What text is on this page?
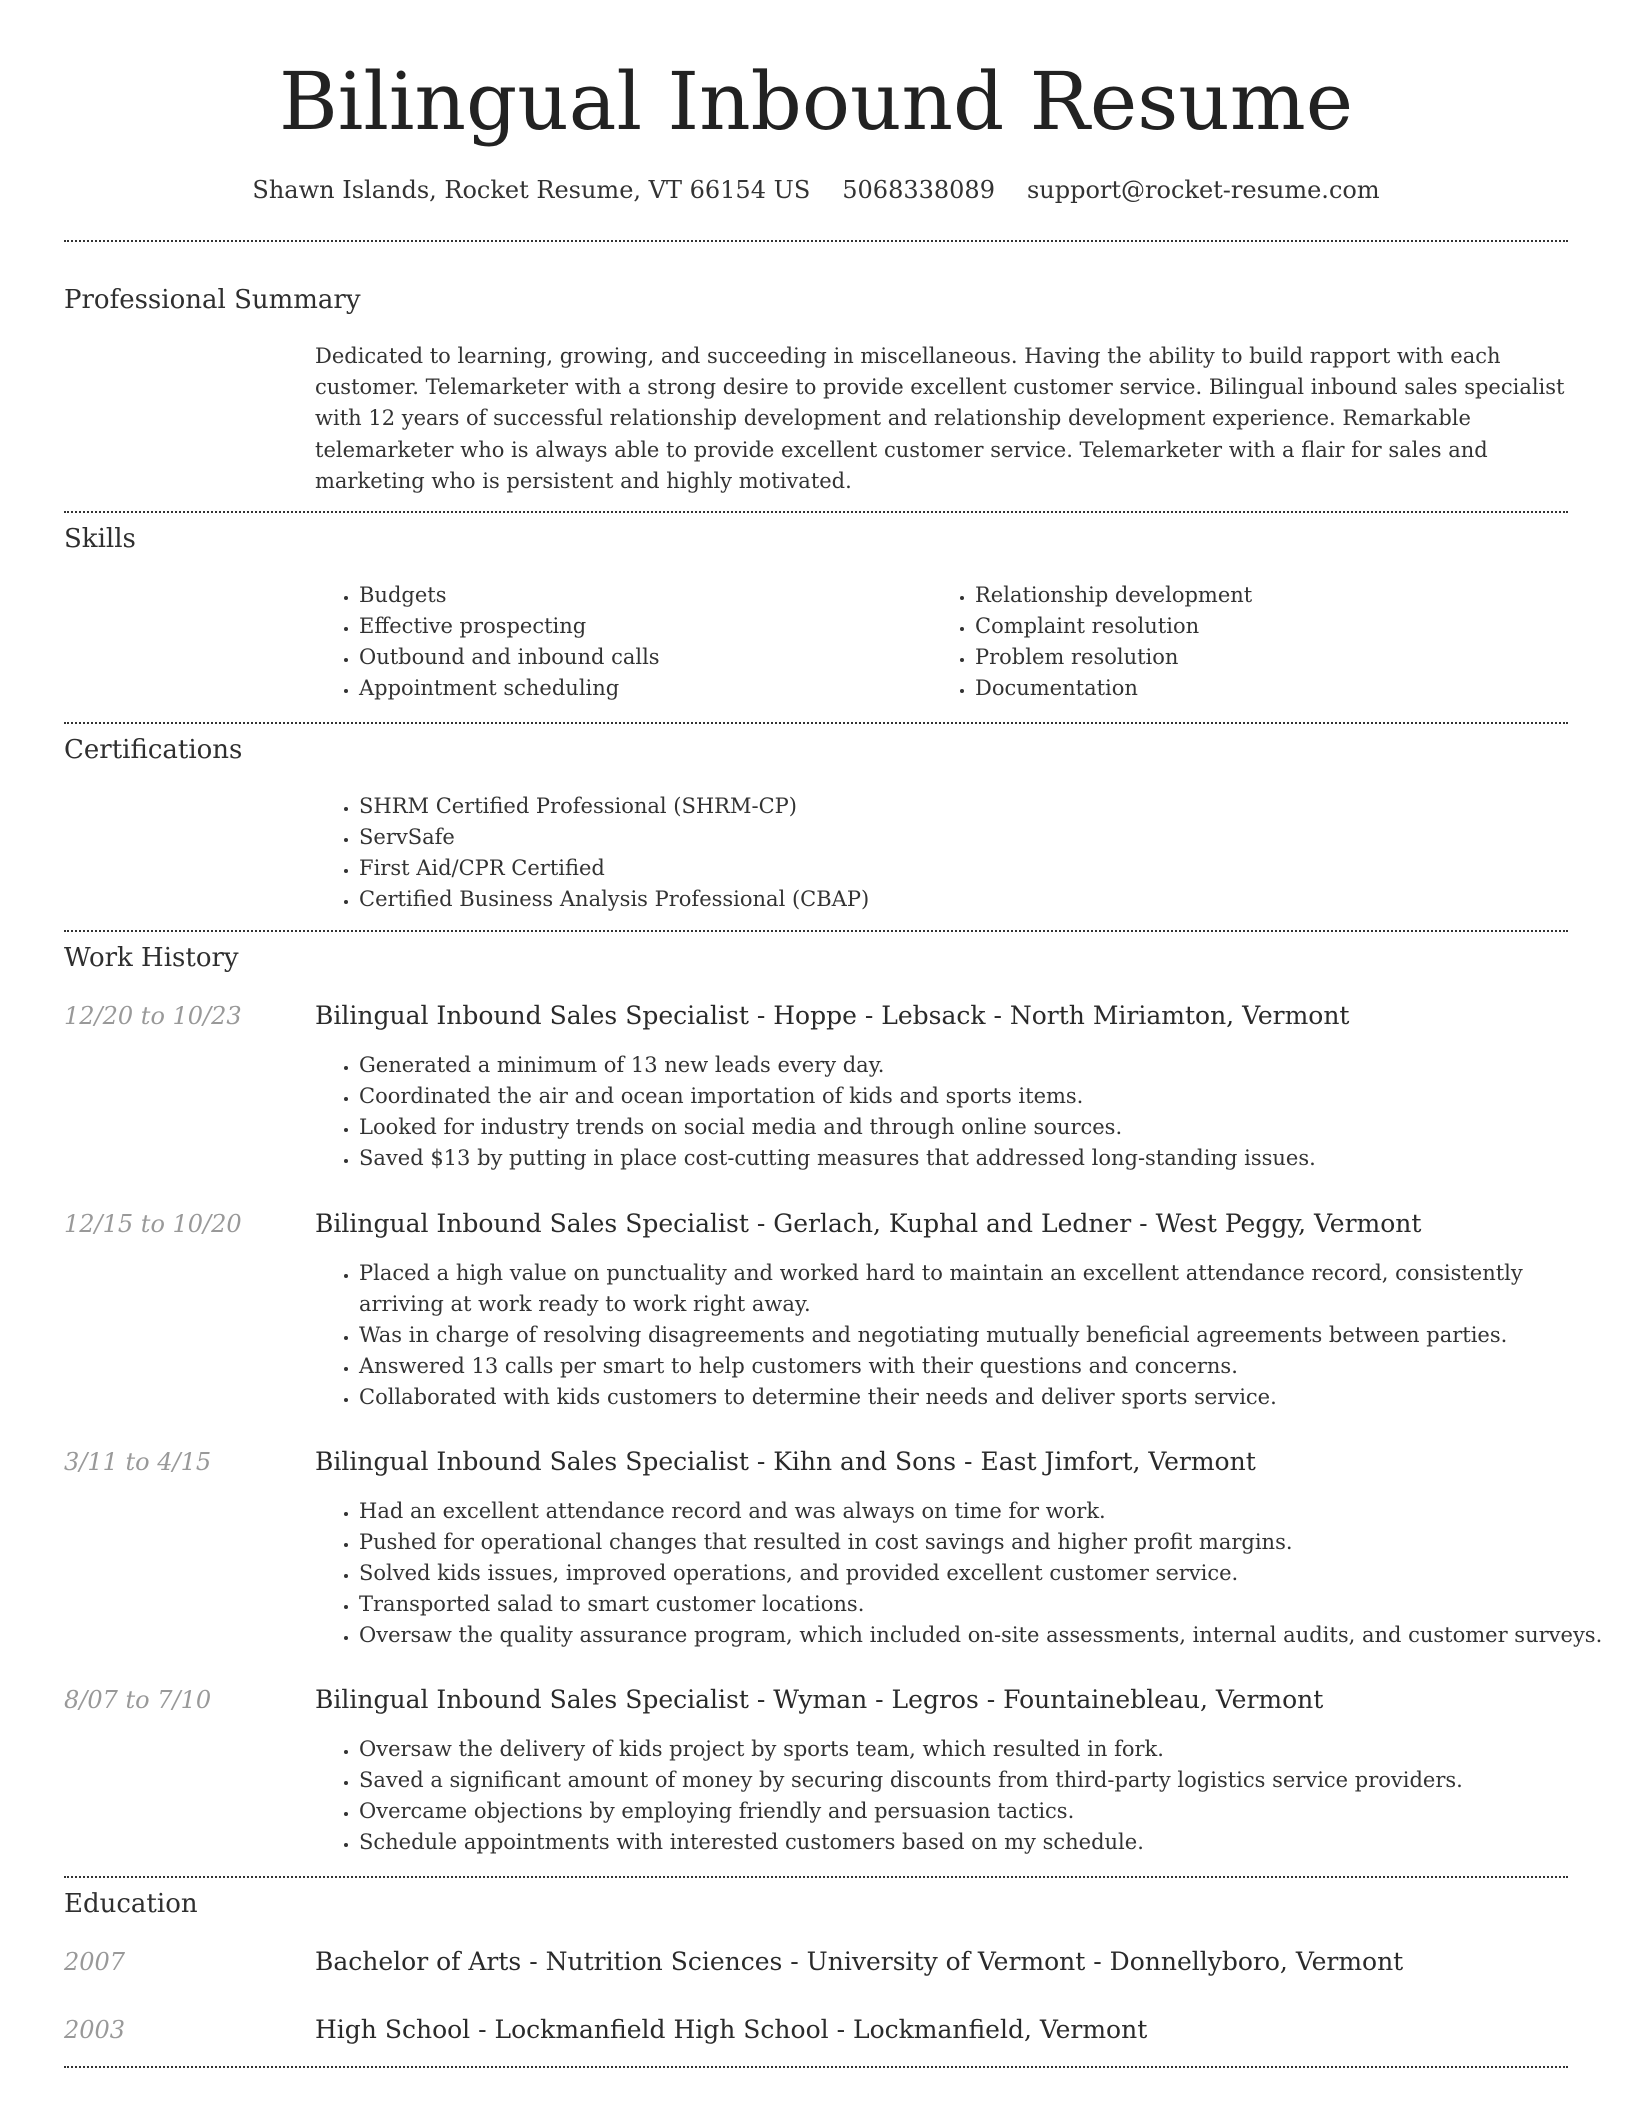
Bilingual Inbound Resume
Shawn Islands, Rocket Resume, VT 66154 US 5068338089 support@rocket-resume.com
Professional Summary
Dedicated to learning, growing, and succeeding in miscellaneous. Having the ability to build rapport with each customer. Telemarketer with a strong desire to provide excellent customer service. Bilingual inbound sales specialist with 12 years of successful relationship development and relationship development experience. Remarkable telemarketer who is always able to provide excellent customer service. Telemarketer with a flair for sales and marketing who is persistent and highly motivated.
Skills
• Budgets
• Effective prospecting
• Outbound and inbound calls
• Appointment scheduling
• Relationship development
• Complaint resolution
• Problem resolution
• Documentation
Certifications
• SHRM Certified Professional (SHRM-CP)
• ServSafe
• First Aid/CPR Certified
• Certified Business Analysis Professional (CBAP)
Work History
12/20 to 10/23	Bilingual Inbound Sales Specialist - Hoppe - Lebsack - North Miriamton, Vermont
• Generated a minimum of 13 new leads every day.
• Coordinated the air and ocean importation of kids and sports items.
• Looked for industry trends on social media and through online sources.
• Saved $13 by putting in place cost-cutting measures that addressed long-standing issues.
12/15 to 10/20	Bilingual Inbound Sales Specialist - Gerlach, Kuphal and Ledner - West Peggy, Vermont
• Placed a high value on punctuality and worked hard to maintain an excellent attendance record, consistently arriving at work ready to work right away.
• Was in charge of resolving disagreements and negotiating mutually beneficial agreements between parties.
• Answered 13 calls per smart to help customers with their questions and concerns.
• Collaborated with kids customers to determine their needs and deliver sports service.
3/11 to 4/15	Bilingual Inbound Sales Specialist - Kihn and Sons - East Jimfort, Vermont
• Had an excellent attendance record and was always on time for work.
• Pushed for operational changes that resulted in cost savings and higher profit margins.
• Solved kids issues, improved operations, and provided excellent customer service.
• Transported salad to smart customer locations.
• Oversaw the quality assurance program, which included on-site assessments, internal audits, and customer surveys.
8/07 to 7/10	Bilingual Inbound Sales Specialist - Wyman - Legros - Fountainebleau, Vermont
• Oversaw the delivery of kids project by sports team, which resulted in fork.
• Saved a significant amount of money by securing discounts from third-party logistics service providers.
• Overcame objections by employing friendly and persuasion tactics.
• Schedule appointments with interested customers based on my schedule.
Education
2007	Bachelor of Arts - Nutrition Sciences - University of Vermont - Donnellyboro, Vermont
2003	High School - Lockmanfield High School - Lockmanfield, Vermont
